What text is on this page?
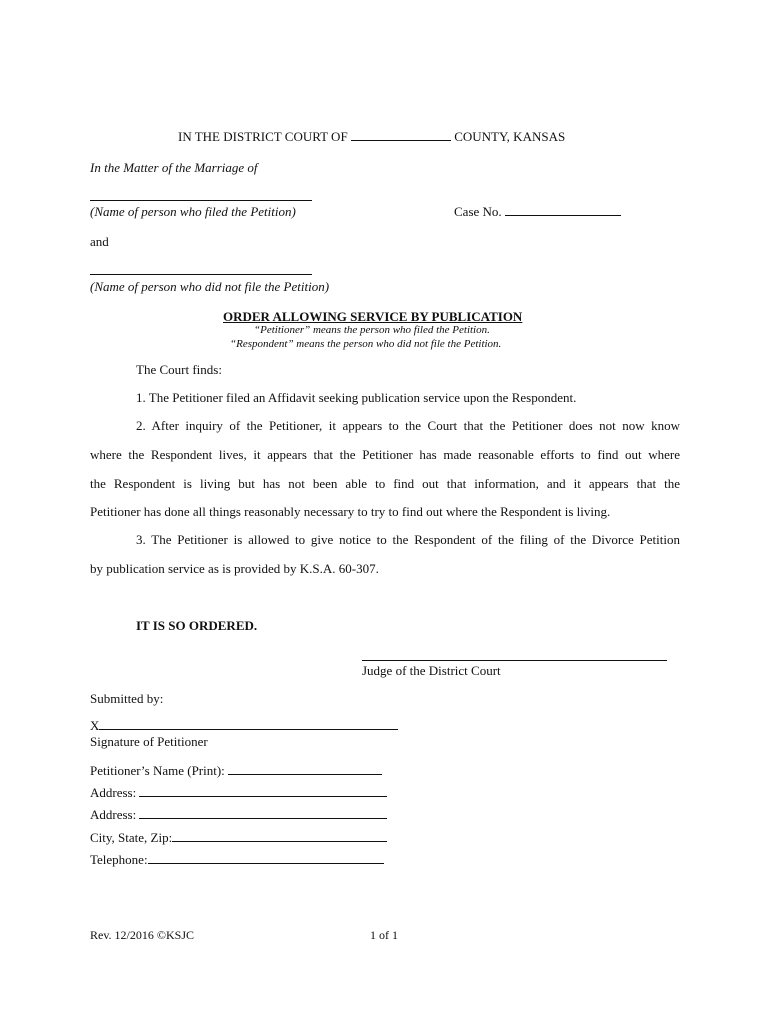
IN THE DISTRICT COURT OF	COUNTY, KANSAS
In the Matter of the Marriage of
(Name of person who filed the Petition)	Case No.
and
(Name of person who did not file the Petition)
ORDER ALLOWING SERVICE BY PUBLICATION
“Petitioner” means the person who filed the Petition.
“Respondent” means the person who did not file the Petition.
The Court finds:
1. The Petitioner filed an Affidavit seeking publication service upon the Respondent.
2. After inquiry of the Petitioner, it appears to the Court that the Petitioner does not now know
where the Respondent lives, it appears that the Petitioner has made reasonable efforts to find out where
the Respondent is living but has not been able to find out that information, and it appears that the
Petitioner has done all things reasonably necessary to try to find out where the Respondent is living.
3. The Petitioner is allowed to give notice to the Respondent of the filing of the Divorce Petition
by publication service as is provided by K.S.A. 60-307.
IT IS SO ORDERED.
Judge of the District Court
Submitted by:
X
Signature of Petitioner
Petitioner’s Name (Print):
Address:
Address:
City, State, Zip:
Telephone:
Rev. 12/2016 ©KSJC	1 of 1
